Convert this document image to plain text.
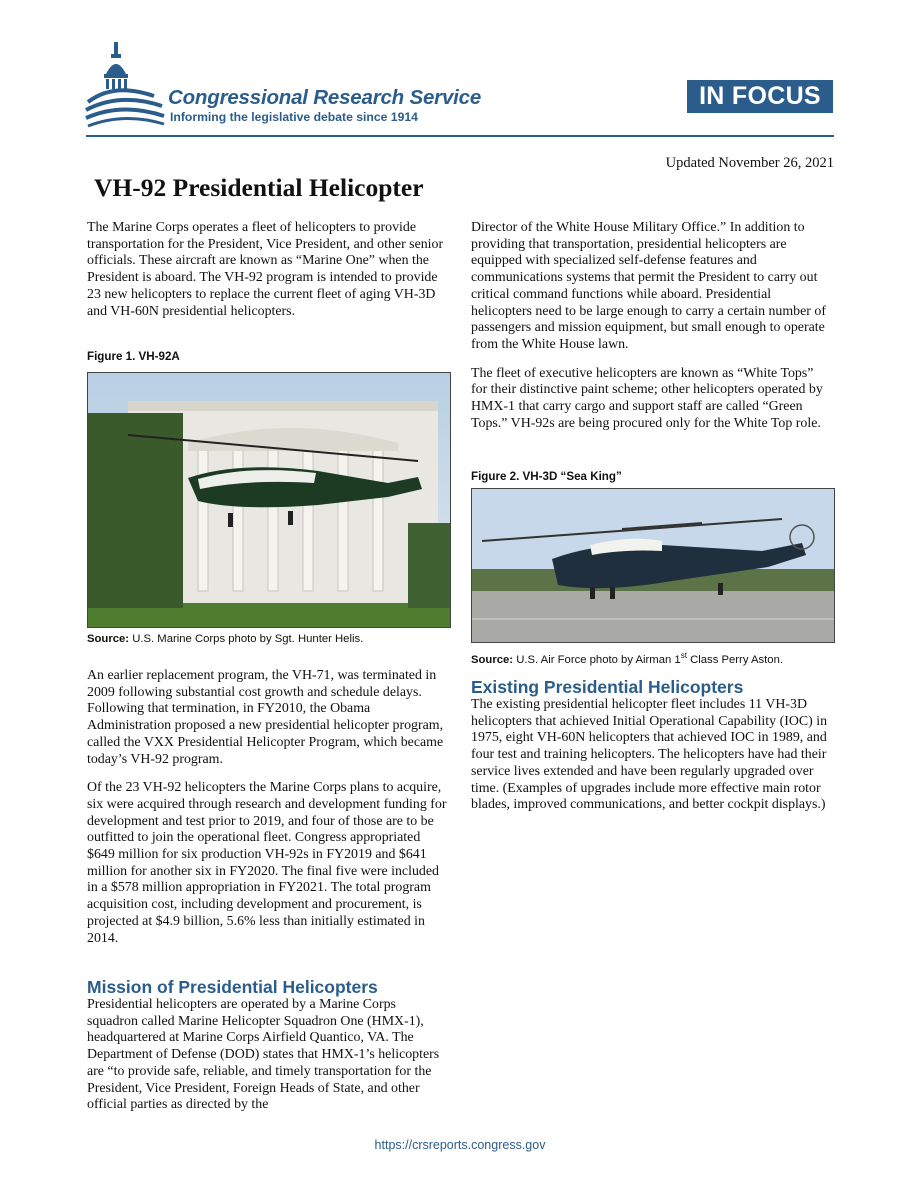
Congressional Research Service
Informing the legislative debate since 1914
IN FOCUS
Updated November 26, 2021
VH-92 Presidential Helicopter

The Marine Corps operates a fleet of helicopters to provide transportation for the President, Vice President, and other senior officials. These aircraft are known as “Marine One” when the President is aboard. The VH-92 program is intended to provide 23 new helicopters to replace the current fleet of aging VH-3D and VH-60N presidential helicopters.

Figure 1. VH-92A
Source: U.S. Marine Corps photo by Sgt. Hunter Helis.

An earlier replacement program, the VH-71, was terminated in 2009 following substantial cost growth and schedule delays. Following that termination, in FY2010, the Obama Administration proposed a new presidential helicopter program, called the VXX Presidential Helicopter Program, which became today’s VH-92 program.

Of the 23 VH-92 helicopters the Marine Corps plans to acquire, six were acquired through research and development funding for development and test prior to 2019, and four of those are to be outfitted to join the operational fleet. Congress appropriated $649 million for six production VH-92s in FY2019 and $641 million for another six in FY2020. The final five were included in a $578 million appropriation in FY2021. The total program acquisition cost, including development and procurement, is projected at $4.9 billion, 5.6% less than initially estimated in 2014.

Mission of Presidential Helicopters

Presidential helicopters are operated by a Marine Corps squadron called Marine Helicopter Squadron One (HMX-1), headquartered at Marine Corps Airfield Quantico, VA. The Department of Defense (DOD) states that HMX-1’s helicopters are “to provide safe, reliable, and timely transportation for the President, Vice President, Foreign Heads of State, and other official parties as directed by the

Director of the White House Military Office.” In addition to providing that transportation, presidential helicopters are equipped with specialized self-defense features and communications systems that permit the President to carry out critical command functions while aboard. Presidential helicopters need to be large enough to carry a certain number of passengers and mission equipment, but small enough to operate from the White House lawn.

The fleet of executive helicopters are known as “White Tops” for their distinctive paint scheme; other helicopters operated by HMX-1 that carry cargo and support staff are called “Green Tops.” VH-92s are being procured only for the White Top role.

Figure 2. VH-3D “Sea King”
Source: U.S. Air Force photo by Airman 1st Class Perry Aston.
Existing Presidential Helicopters

The existing presidential helicopter fleet includes 11 VH-3D helicopters that achieved Initial Operational Capability (IOC) in 1975, eight VH-60N helicopters that achieved IOC in 1989, and four test and training helicopters. The helicopters have had their service lives extended and have been regularly upgraded over time. (Examples of upgrades include more effective main rotor blades, improved communications, and better cockpit displays.)

https://crsreports.congress.gov
